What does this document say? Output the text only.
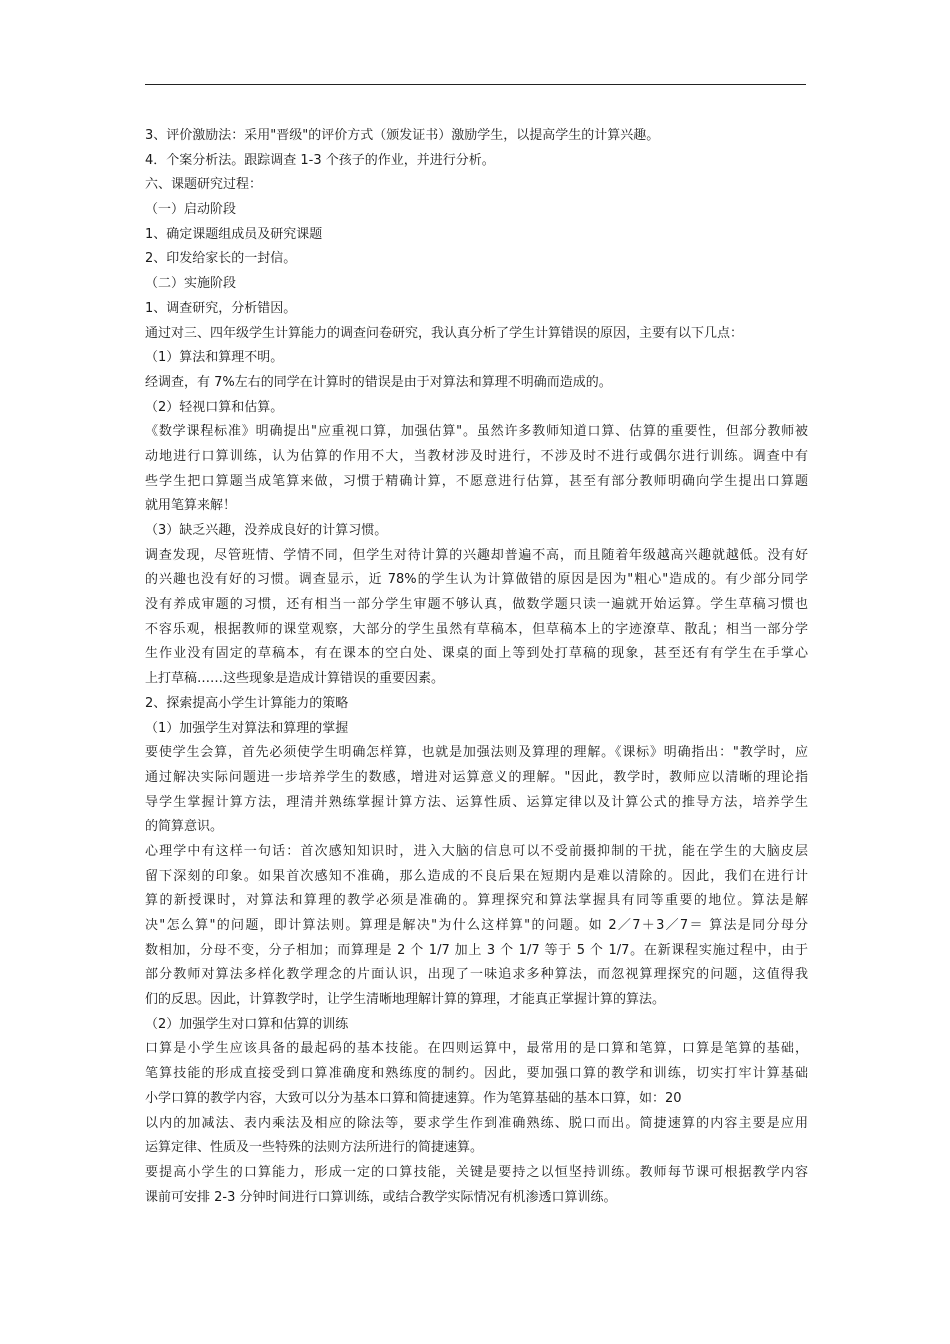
3、评价激励法：采用"晋级"的评价方式（颁发证书）激励学生，以提高学生的计算兴趣。
4．个案分析法。跟踪调查 1-3 个孩子的作业，并进行分析。
六、课题研究过程：
（一）启动阶段
1、确定课题组成员及研究课题
2、印发给家长的一封信。
（二）实施阶段
1、调查研究，分析错因。
通过对三、四年级学生计算能力的调查问卷研究，我认真分析了学生计算错误的原因，主要有以下几点：
（1）算法和算理不明。
经调查，有 7%左右的同学在计算时的错误是由于对算法和算理不明确而造成的。
（2）轻视口算和估算。
《数学课程标准》明确提出"应重视口算，加强估算"。虽然许多教师知道口算、估算的重要性，但部分教师被
动地进行口算训练，认为估算的作用不大，当教材涉及时进行，不涉及时不进行或偶尔进行训练。调查中有
些学生把口算题当成笔算来做，习惯于精确计算，不愿意进行估算，甚至有部分教师明确向学生提出口算题
就用笔算来解！
（3）缺乏兴趣，没养成良好的计算习惯。
调查发现，尽管班情、学情不同，但学生对待计算的兴趣却普遍不高，而且随着年级越高兴趣就越低。没有好
的兴趣也没有好的习惯。调查显示，近 78%的学生认为计算做错的原因是因为"粗心"造成的。有少部分同学
没有养成审题的习惯，还有相当一部分学生审题不够认真，做数学题只读一遍就开始运算。学生草稿习惯也
不容乐观，根据教师的课堂观察，大部分的学生虽然有草稿本，但草稿本上的字迹潦草、散乱；相当一部分学
生作业没有固定的草稿本，有在课本的空白处、课桌的面上等到处打草稿的现象，甚至还有有学生在手掌心
上打草稿……这些现象是造成计算错误的重要因素。
2、探索提高小学生计算能力的策略
（1）加强学生对算法和算理的掌握
要使学生会算，首先必须使学生明确怎样算，也就是加强法则及算理的理解。《课标》明确指出："教学时，应
通过解决实际问题进一步培养学生的数感，增进对运算意义的理解。"因此，教学时，教师应以清晰的理论指
导学生掌握计算方法，理清并熟练掌握计算方法、运算性质、运算定律以及计算公式的推导方法，培养学生
的简算意识。
心理学中有这样一句话：首次感知知识时，进入大脑的信息可以不受前摄抑制的干扰，能在学生的大脑皮层
留下深刻的印象。如果首次感知不准确，那么造成的不良后果在短期内是难以清除的。因此，我们在进行计
算的新授课时，对算法和算理的教学必须是准确的。算理探究和算法掌握具有同等重要的地位。算法是解
决"怎么算"的问题，即计算法则。算理是解决"为什么这样算"的问题。如 2／7＋3／7＝ 算法是同分母分
数相加，分母不变，分子相加；而算理是 2 个 1/7 加上 3 个 1/7 等于 5 个 1/7。在新课程实施过程中，由于
部分教师对算法多样化教学理念的片面认识，出现了一味追求多种算法，而忽视算理探究的问题，这值得我
们的反思。因此，计算教学时，让学生清晰地理解计算的算理，才能真正掌握计算的算法。
（2）加强学生对口算和估算的训练
口算是小学生应该具备的最起码的基本技能。在四则运算中，最常用的是口算和笔算，口算是笔算的基础，
笔算技能的形成直接受到口算准确度和熟练度的制约。因此，要加强口算的教学和训练，切实打牢计算基础
小学口算的教学内容，大致可以分为基本口算和简捷速算。作为笔算基础的基本口算，如：20
以内的加减法、表内乘法及相应的除法等，要求学生作到准确熟练、脱口而出。简捷速算的内容主要是应用
运算定律、性质及一些特殊的法则方法所进行的简捷速算。
要提高小学生的口算能力，形成一定的口算技能，关键是要持之以恒坚持训练。教师每节课可根据教学内容
课前可安排 2-3 分钟时间进行口算训练，或结合教学实际情况有机渗透口算训练。
